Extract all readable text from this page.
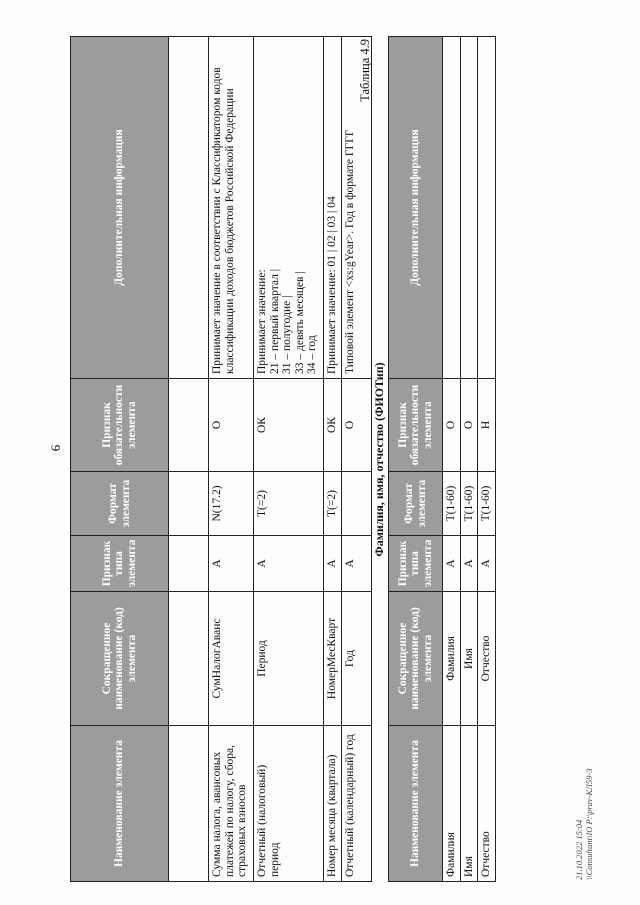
9
Наименование элемента	Сокращенное наименование (код) элемента	Признак типа элемента	Формат элемента	Признак обязательности элемента	Дополнительная информация

Сумма налога, авансовых платежей по налогу, сбора, страховых взносов	СумНалогАванс	А	N(17.2)	О	Принимает значение в соответствии с Классификатором кодов классификации доходов бюджетов Российской Федерации
Отчетный (налоговый) период	Период	А	T(=2)	ОК	Принимает значение:
21 – первый квартал |
31 – полугодие |
33 – девять месяцев |
34 – год
Номер месяца (квартала)	НомерМесКварт	А	T(=2)	ОК	Принимает значение: 01 | 02 | 03 | 04
Отчетный (календарный) год	Год	А		О	Типовой элемент <xs:gYear>. Год в формате ГГГГ
Таблица 4.9
Фамилия, имя, отчество (ФИОТип)
Наименование элемента	Сокращенное наименование (код) элемента	Признак типа элемента	Формат элемента	Признак обязательности элемента	Дополнительная информация
Фамилия	Фамилия	А	T(1-60)	О	
Имя	Имя	А	T(1-60)	О	
Отчество	Отчество	А	T(1-60)	Н	
21.10.2022 15:04 \\Consultant\IO Р:\prav-КЛ59-3
